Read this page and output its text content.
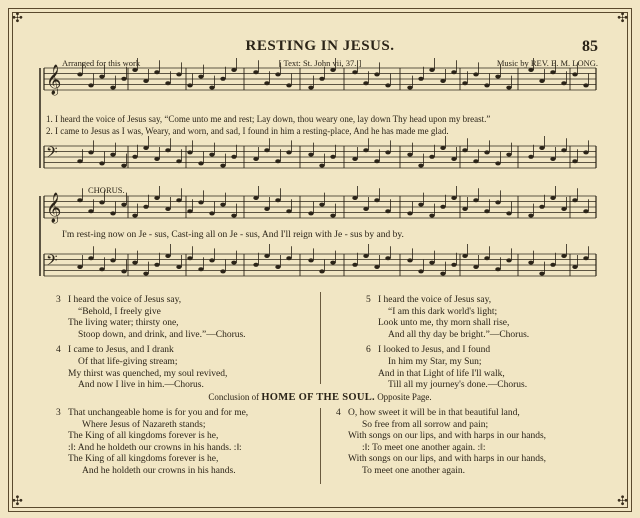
✣	✣
✣	✣
RESTING IN JESUS.	85
Arranged for this work	[ Text: St. John vii, 37. ]	Music by REV. E. M. LONG.
𝄞
𝄢
𝄞
𝄢
1. I heard the voice of Jesus say, “Come unto me and rest; Lay down, thou weary one, lay down Thy head upon my breast.”
2. I came to Jesus as I was, Weary, and worn, and sad, I found in him a resting-place, And he has made me glad.
CHORUS.
I'm rest-ing now on Je - sus, Cast-ing all on Je - sus, And I'll reign with Je - sus by and by.
3 I heard the voice of Jesus say,
“Behold, I freely give
The living water; thirsty one,
Stoop down, and drink, and live.”—Chorus.
4 I came to Jesus, and I drank
Of that life-giving stream;
My thirst was quenched, my soul revived,
And now I live in him.—Chorus.
5 I heard the voice of Jesus say,
“I am this dark world's light;
Look unto me, thy morn shall rise,
And all thy day be bright.”—Chorus.
6 I looked to Jesus, and I found
In him my Star, my Sun;
And in that Light of life I'll walk,
Till all my journey's done.—Chorus.
Conclusion of HOME OF THE SOUL. Opposite Page.
3 That unchangeable home is for you and for me,
Where Jesus of Nazareth stands;
The King of all kingdoms forever is he,
:‖: And he holdeth our crowns in his hands. :‖:
The King of all kingdoms forever is he,
And he holdeth our crowns in his hands.
4 O, how sweet it will be in that beautiful land,
So free from all sorrow and pain;
With songs on our lips, and with harps in our hands,
:‖: To meet one another again. :‖:
With songs on our lips, and with harps in our hands,
To meet one another again.
